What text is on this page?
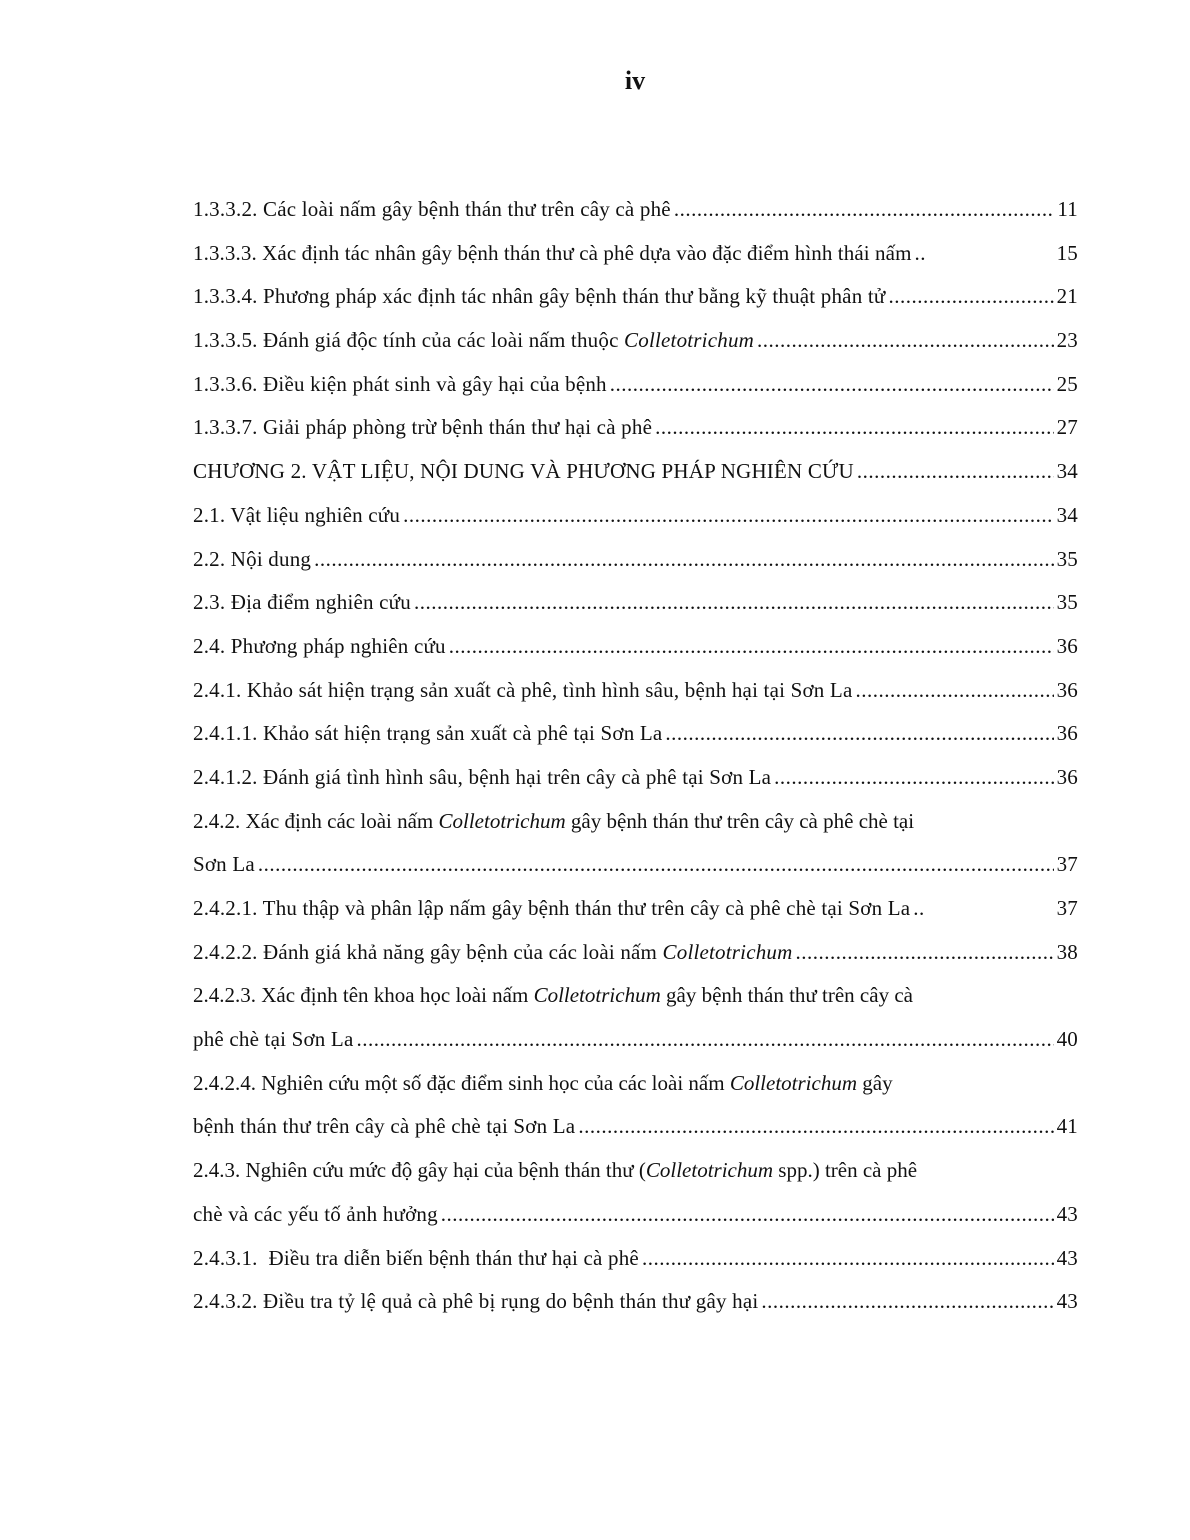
iv
1.3.3.2. Các loài nấm gây bệnh thán thư trên cây cà phê .....	11
1.3.3.3. Xác định tác nhân gây bệnh thán thư cà phê dựa vào đặc điểm hình thái nấm ..	15
1.3.3.4. Phương pháp xác định tác nhân gây bệnh thán thư bằng kỹ thuật phân tử .....	21
1.3.3.5. Đánh giá độc tính của các loài nấm thuộc Colletotrichum .....	23
1.3.3.6. Điều kiện phát sinh và gây hại của bệnh .....	25
1.3.3.7. Giải pháp phòng trừ bệnh thán thư hại cà phê .....	27
CHƯƠNG 2. VẬT LIỆU, NỘI DUNG VÀ PHƯƠNG PHÁP NGHIÊN CỨU .....	34
2.1. Vật liệu nghiên cứu .....	34
2.2. Nội dung .....	35
2.3. Địa điểm nghiên cứu .....	35
2.4. Phương pháp nghiên cứu .....	36
2.4.1. Khảo sát hiện trạng sản xuất cà phê, tình hình sâu, bệnh hại tại Sơn La .....	36
2.4.1.1. Khảo sát hiện trạng sản xuất cà phê tại Sơn La .....	36
2.4.1.2. Đánh giá tình hình sâu, bệnh hại trên cây cà phê tại Sơn La .....	36
2.4.2. Xác định các loài nấm Colletotrichum gây bệnh thán thư trên cây cà phê chè tại
Sơn La .....	37
2.4.2.1. Thu thập và phân lập nấm gây bệnh thán thư trên cây cà phê chè tại Sơn La ..	37
2.4.2.2. Đánh giá khả năng gây bệnh của các loài nấm Colletotrichum .....	38
2.4.2.3. Xác định tên khoa học loài nấm Colletotrichum gây bệnh thán thư trên cây cà
phê chè tại Sơn La .....	40
2.4.2.4. Nghiên cứu một số đặc điểm sinh học của các loài nấm Colletotrichum gây
bệnh thán thư trên cây cà phê chè tại Sơn La .....	41
2.4.3. Nghiên cứu mức độ gây hại của bệnh thán thư (Colletotrichum spp.) trên cà phê
chè và các yếu tố ảnh hưởng .....	43
2.4.3.1.  Điều tra diễn biến bệnh thán thư hại cà phê .....	43
2.4.3.2. Điều tra tỷ lệ quả cà phê bị rụng do bệnh thán thư gây hại .....	43
